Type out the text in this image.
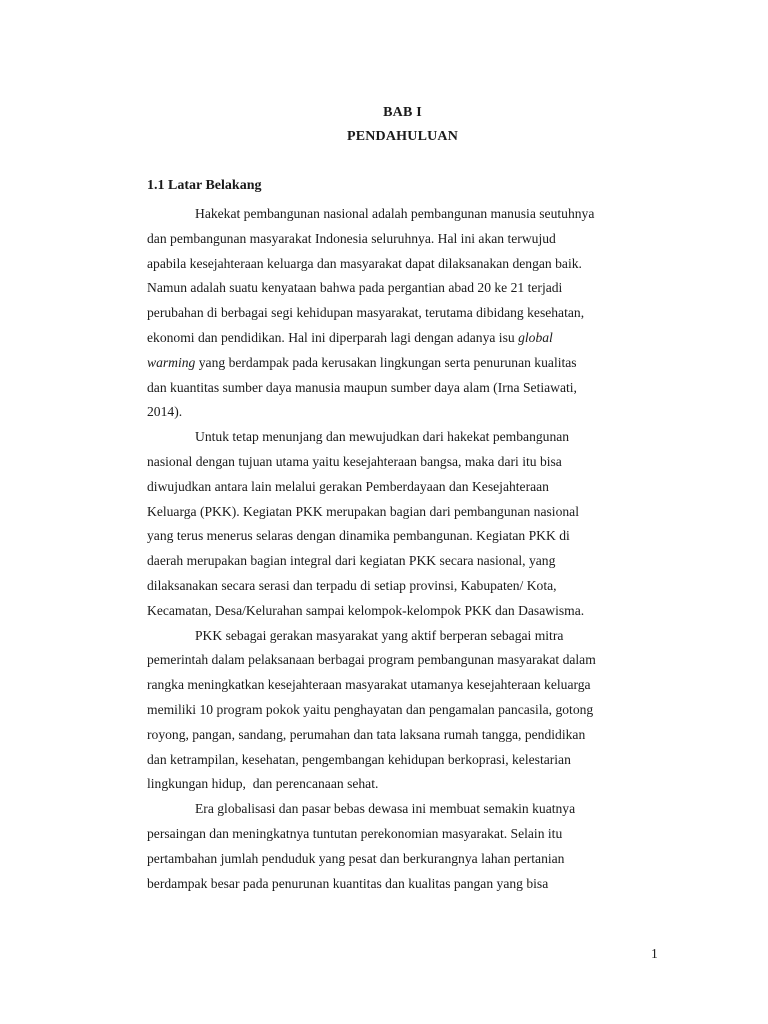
BAB I
PENDAHULUAN
1.1 Latar Belakang
Hakekat pembangunan nasional adalah pembangunan manusia seutuhnya
dan pembangunan masyarakat Indonesia seluruhnya. Hal ini akan terwujud
apabila kesejahteraan keluarga dan masyarakat dapat dilaksanakan dengan baik.
Namun adalah suatu kenyataan bahwa pada pergantian abad 20 ke 21 terjadi
perubahan di berbagai segi kehidupan masyarakat, terutama dibidang kesehatan,
ekonomi dan pendidikan. Hal ini diperparah lagi dengan adanya isu global
warming yang berdampak pada kerusakan lingkungan serta penurunan kualitas
dan kuantitas sumber daya manusia maupun sumber daya alam (Irna Setiawati,
2014).
Untuk tetap menunjang dan mewujudkan dari hakekat pembangunan
nasional dengan tujuan utama yaitu kesejahteraan bangsa, maka dari itu bisa
diwujudkan antara lain melalui gerakan Pemberdayaan dan Kesejahteraan
Keluarga (PKK). Kegiatan PKK merupakan bagian dari pembangunan nasional
yang terus menerus selaras dengan dinamika pembangunan. Kegiatan PKK di
daerah merupakan bagian integral dari kegiatan PKK secara nasional, yang
dilaksanakan secara serasi dan terpadu di setiap provinsi, Kabupaten/ Kota,
Kecamatan, Desa/Kelurahan sampai kelompok-kelompok PKK dan Dasawisma.
PKK sebagai gerakan masyarakat yang aktif berperan sebagai mitra
pemerintah dalam pelaksanaan berbagai program pembangunan masyarakat dalam
rangka meningkatkan kesejahteraan masyarakat utamanya kesejahteraan keluarga
memiliki 10 program pokok yaitu penghayatan dan pengamalan pancasila, gotong
royong, pangan, sandang, perumahan dan tata laksana rumah tangga, pendidikan
dan ketrampilan, kesehatan, pengembangan kehidupan berkoprasi, kelestarian
lingkungan hidup,  dan perencanaan sehat.
Era globalisasi dan pasar bebas dewasa ini membuat semakin kuatnya
persaingan dan meningkatnya tuntutan perekonomian masyarakat. Selain itu
pertambahan jumlah penduduk yang pesat dan berkurangnya lahan pertanian
berdampak besar pada penurunan kuantitas dan kualitas pangan yang bisa
1
